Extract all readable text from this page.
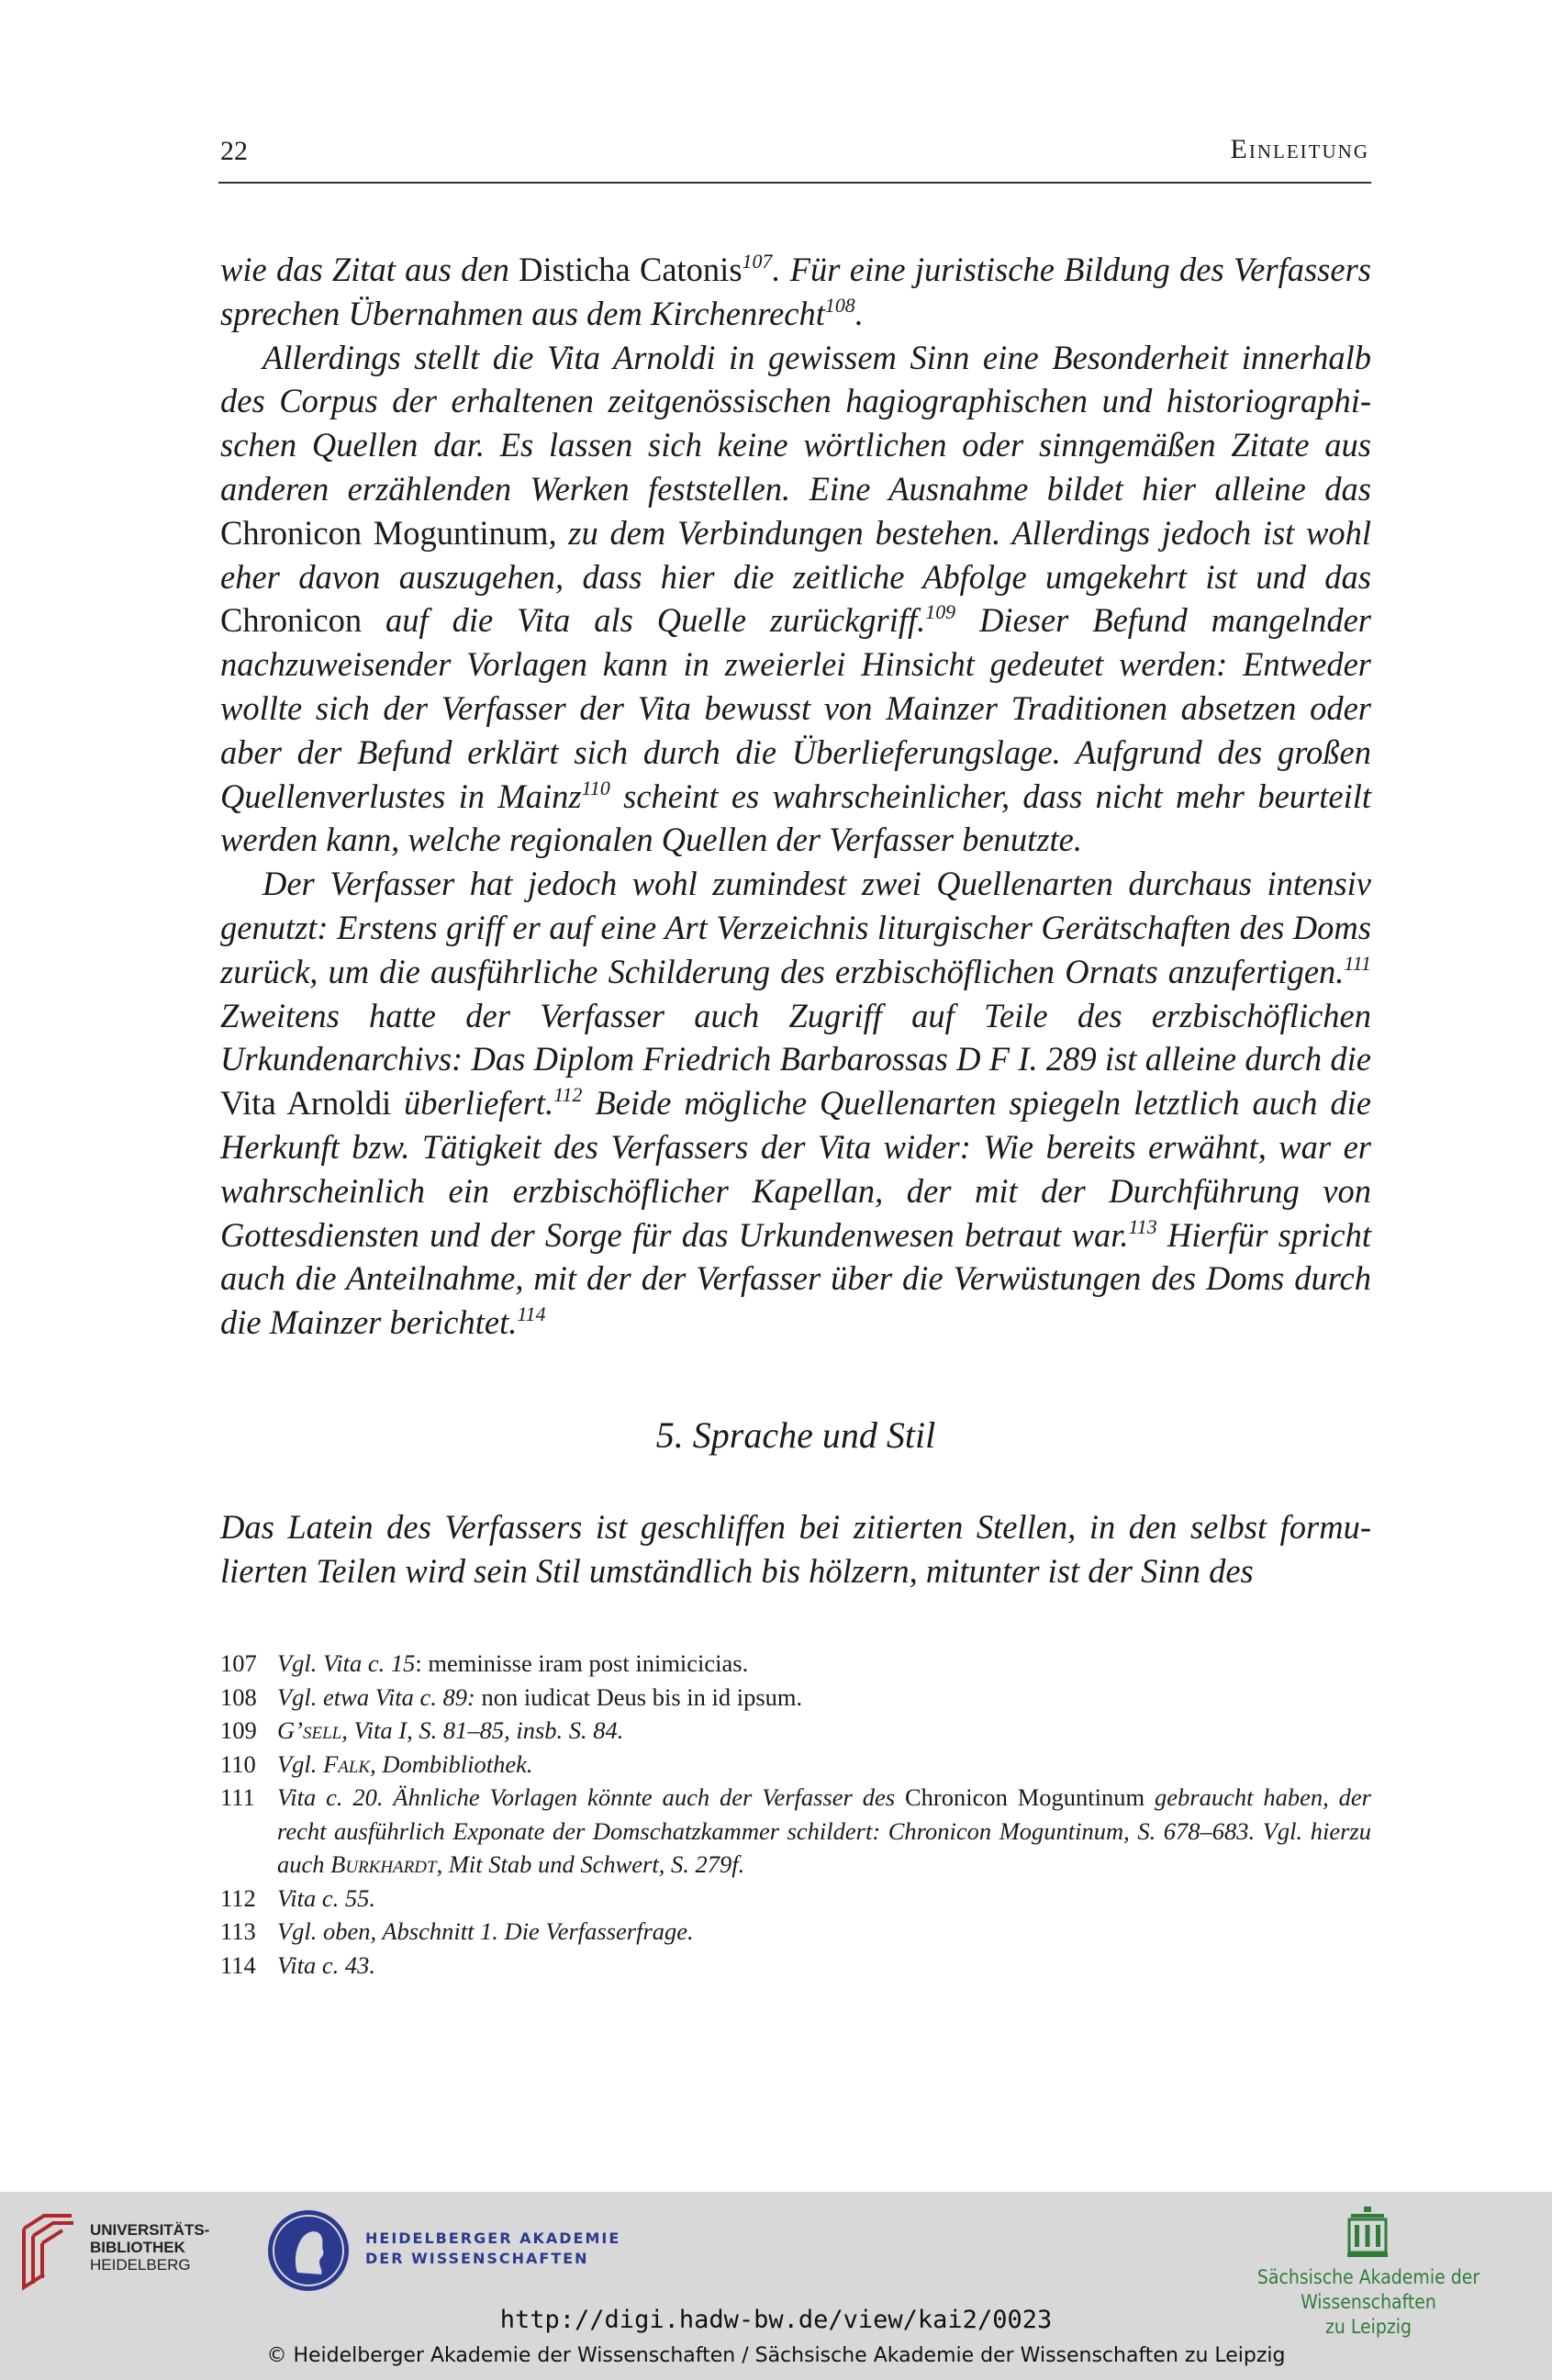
22	Einleitung

wie das Zitat aus den Disticha Catonis$^{107}$. Für eine juristische Bildung des Verfassers sprechen Übernahmen aus dem Kirchenrecht$^{108}$.

Allerdings stellt die Vita Arnoldi in gewissem Sinn eine Besonderheit innerhalb des Corpus der erhaltenen zeitgenössischen hagiographischen und historiographischen Quellen dar. Es lassen sich keine wörtlichen oder sinngemäßen Zitate aus anderen erzählenden Werken feststellen. Eine Ausnahme bildet hier alleine das Chronicon Moguntinum, zu dem Verbindungen bestehen. Allerdings jedoch ist wohl eher davon auszugehen, dass hier die zeitliche Abfolge umgekehrt ist und das Chronicon auf die Vita als Quelle zurückgriff.$^{109}$ Dieser Befund mangelnder nachzuweisender Vorlagen kann in zweierlei Hinsicht gedeutet werden: Entweder wollte sich der Verfasser der Vita bewusst von Mainzer Traditionen absetzen oder aber der Befund erklärt sich durch die Überlieferungslage. Aufgrund des großen Quellenverlustes in Mainz$^{110}$ scheint es wahrscheinlicher, dass nicht mehr beurteilt werden kann, welche regionalen Quellen der Verfasser benutzte.

Der Verfasser hat jedoch wohl zumindest zwei Quellenarten durchaus intensiv genutzt: Erstens griff er auf eine Art Verzeichnis liturgischer Gerätschaften des Doms zurück, um die ausführliche Schilderung des erzbischöflichen Ornats anzufertigen.$^{111}$ Zweitens hatte der Verfasser auch Zugriff auf Teile des erzbischöflichen Urkundenarchivs: Das Diplom Friedrich Barbarossas D F I. 289 ist alleine durch die Vita Arnoldi überliefert.$^{112}$ Beide mögliche Quellenarten spiegeln letztlich auch die Herkunft bzw. Tätigkeit des Verfassers der Vita wider: Wie bereits erwähnt, war er wahrscheinlich ein erzbischöflicher Kapellan, der mit der Durchführung von Gottesdiensten und der Sorge für das Urkundenwesen betraut war.$^{113}$ Hierfür spricht auch die Anteilnahme, mit der der Verfasser über die Verwüstungen des Doms durch die Mainzer berichtet.$^{114}$

5. Sprache und Stil
Das Latein des Verfassers ist geschliffen bei zitierten Stellen, in den selbst formulierten Teilen wird sein Stil umständlich bis hölzern, mitunter ist der Sinn des
107 Vgl. Vita c. 15: meminisse iram post inimicicias.
108 Vgl. etwa Vita c. 89: non iudicat Deus bis in id ipsum.
109 G’sell, Vita I, S. 81–85, insb. S. 84.
110 Vgl. Falk, Dombibliothek.
111 Vita c. 20. Ähnliche Vorlagen könnte auch der Verfasser des Chronicon Moguntinum gebraucht haben, der recht ausführlich Exponate der Domschatzkammer schildert: Chronicon Moguntinum, S. 678–683. Vgl. hierzu auch Burkhardt, Mit Stab und Schwert, S. 279f.
112 Vita c. 55.
113 Vgl. oben, Abschnitt 1. Die Verfasserfrage.
114 Vita c. 43.
UNIVERSITÄTS-
BIBLIOTHEK
HEIDELBERG
HEIDELBERGER AKADEMIE
DER WISSENSCHAFTEN
Sächsische Akademie der Wissenschaften
zu Leipzig
http://digi.hadw-bw.de/view/kai2/0023
© Heidelberger Akademie der Wissenschaften / Sächsische Akademie der Wissenschaften zu Leipzig
